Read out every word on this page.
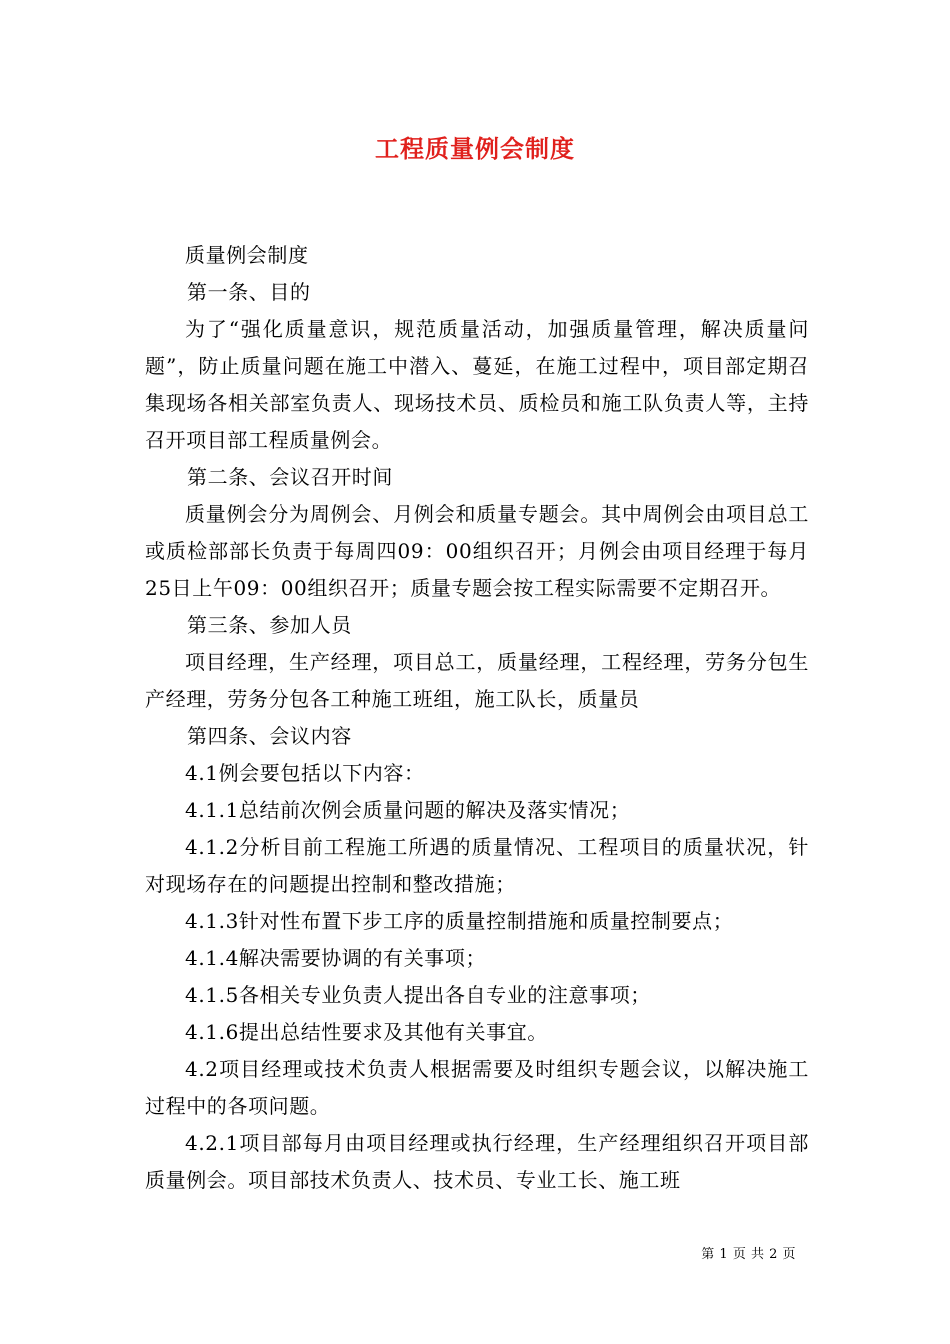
工程质量例会制度

质量例会制度

第一条、目的

为了“强化质量意识，规范质量活动，加强质量管理，解决质量问题”，防止质量问题在施工中潜入、蔓延，在施工过程中，项目部定期召集现场各相关部室负责人、现场技术员、质检员和施工队负责人等，主持召开项目部工程质量例会。

第二条、会议召开时间

质量例会分为周例会、月例会和质量专题会。其中周例会由项目总工或质检部部长负责于每周四09：00组织召开；月例会由项目经理于每月25日上午09：00组织召开；质量专题会按工程实际需要不定期召开。

第三条、参加人员

项目经理，生产经理，项目总工，质量经理，工程经理，劳务分包生产经理，劳务分包各工种施工班组，施工队长，质量员

第四条、会议内容

4.1例会要包括以下内容：

4.1.1总结前次例会质量问题的解决及落实情况；

4.1.2分析目前工程施工所遇的质量情况、工程项目的质量状况，针对现场存在的问题提出控制和整改措施；

4.1.3针对性布置下步工序的质量控制措施和质量控制要点；

4.1.4解决需要协调的有关事项；

4.1.5各相关专业负责人提出各自专业的注意事项；

4.1.6提出总结性要求及其他有关事宜。

4.2项目经理或技术负责人根据需要及时组织专题会议，以解决施工过程中的各项问题。

4.2.1项目部每月由项目经理或执行经理，生产经理组织召开项目部质量例会。项目部技术负责人、技术员、专业工长、施工班

第 1 页 共 2 页
